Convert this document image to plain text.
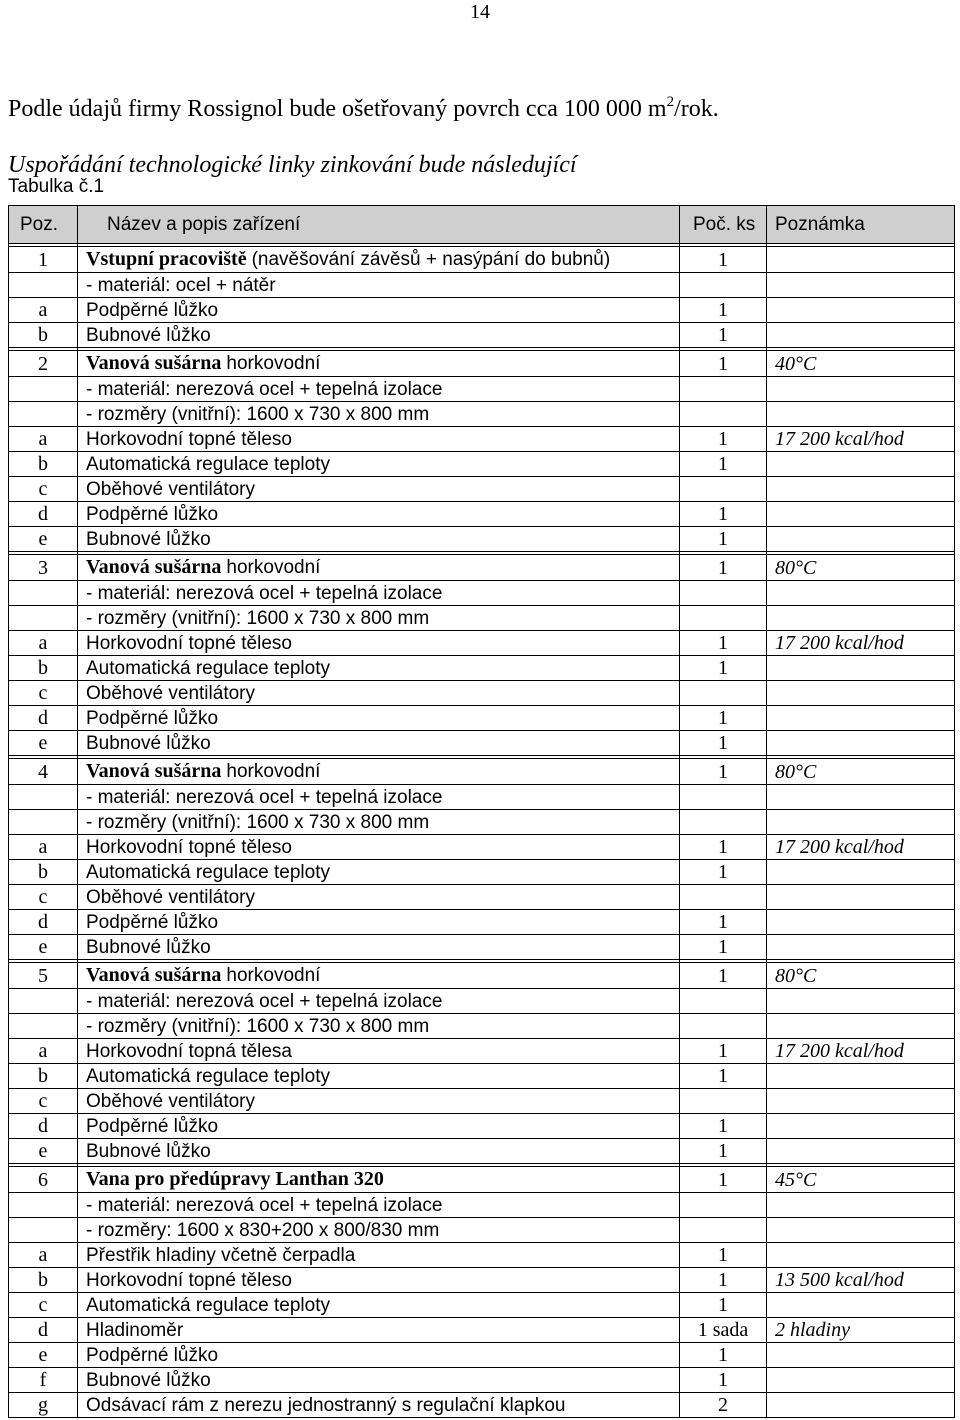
14
Podle údajů firmy Rossignol bude ošetřovaný povrch cca 100 000 $m^2$/rok.
Uspořádání technologické linky zinkování bude následující
Tabulka č.1
Poz.	Název a popis zařízení	Poč. ks	Poznámka
1	Vstupní pracoviště (navěšování závěsů + nasýpání do bubnů)	1
- materiál: ocel + nátěr
a	Podpěrné lůžko	1
b	Bubnové lůžko	1
2	Vanová sušárna horkovodní	1	40°C
- materiál: nerezová ocel + tepelná izolace
- rozměry (vnitřní): 1600 x 730 x 800 mm
a	Horkovodní topné těleso	1	17 200 kcal/hod
b	Automatická regulace teploty	1
c	Oběhové ventilátory
d	Podpěrné lůžko	1
e	Bubnové lůžko	1
3	Vanová sušárna horkovodní	1	80°C
- materiál: nerezová ocel + tepelná izolace
- rozměry (vnitřní): 1600 x 730 x 800 mm
a	Horkovodní topné těleso	1	17 200 kcal/hod
b	Automatická regulace teploty	1
c	Oběhové ventilátory
d	Podpěrné lůžko	1
e	Bubnové lůžko	1
4	Vanová sušárna horkovodní	1	80°C
- materiál: nerezová ocel + tepelná izolace
- rozměry (vnitřní): 1600 x 730 x 800 mm
a	Horkovodní topné těleso	1	17 200 kcal/hod
b	Automatická regulace teploty	1
c	Oběhové ventilátory
d	Podpěrné lůžko	1
e	Bubnové lůžko	1
5	Vanová sušárna horkovodní	1	80°C
- materiál: nerezová ocel + tepelná izolace
- rozměry (vnitřní): 1600 x 730 x 800 mm
a	Horkovodní topná tělesa	1	17 200 kcal/hod
b	Automatická regulace teploty	1
c	Oběhové ventilátory
d	Podpěrné lůžko	1
e	Bubnové lůžko	1
6	Vana pro předúpravy Lanthan 320	1	45°C
- materiál: nerezová ocel + tepelná izolace
- rozměry: 1600 x 830+200 x 800/830 mm
a	Přestřik hladiny včetně čerpadla	1
b	Horkovodní topné těleso	1	13 500 kcal/hod
c	Automatická regulace teploty	1
d	Hladinoměr	1 sada	2 hladiny
e	Podpěrné lůžko	1
f	Bubnové lůžko	1
g	Odsávací rám z nerezu jednostranný s regulační klapkou	2
